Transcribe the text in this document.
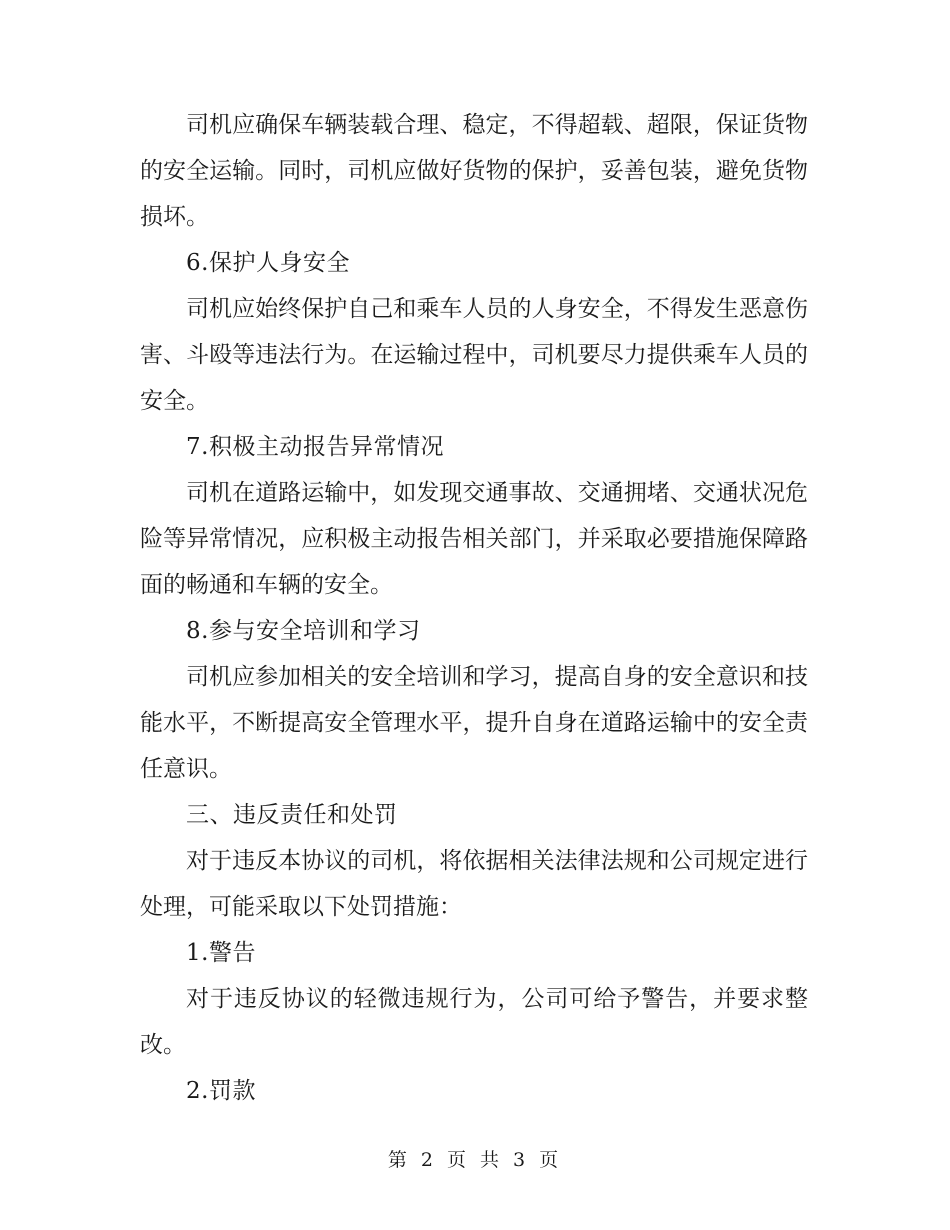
司机应确保车辆装载合理、稳定，不得超载、超限，保证货物的安全运输。同时，司机应做好货物的保护，妥善包装，避免货物损坏。

6.保护人身安全

司机应始终保护自己和乘车人员的人身安全，不得发生恶意伤害、斗殴等违法行为。在运输过程中，司机要尽力提供乘车人员的安全。

7.积极主动报告异常情况

司机在道路运输中，如发现交通事故、交通拥堵、交通状况危险等异常情况，应积极主动报告相关部门，并采取必要措施保障路面的畅通和车辆的安全。

8.参与安全培训和学习

司机应参加相关的安全培训和学习，提高自身的安全意识和技能水平，不断提高安全管理水平，提升自身在道路运输中的安全责任意识。

三、违反责任和处罚

对于违反本协议的司机，将依据相关法律法规和公司规定进行处理，可能采取以下处罚措施：

1.警告

对于违反协议的轻微违规行为，公司可给予警告，并要求整改。

2.罚款

第 2 页 共 3 页
